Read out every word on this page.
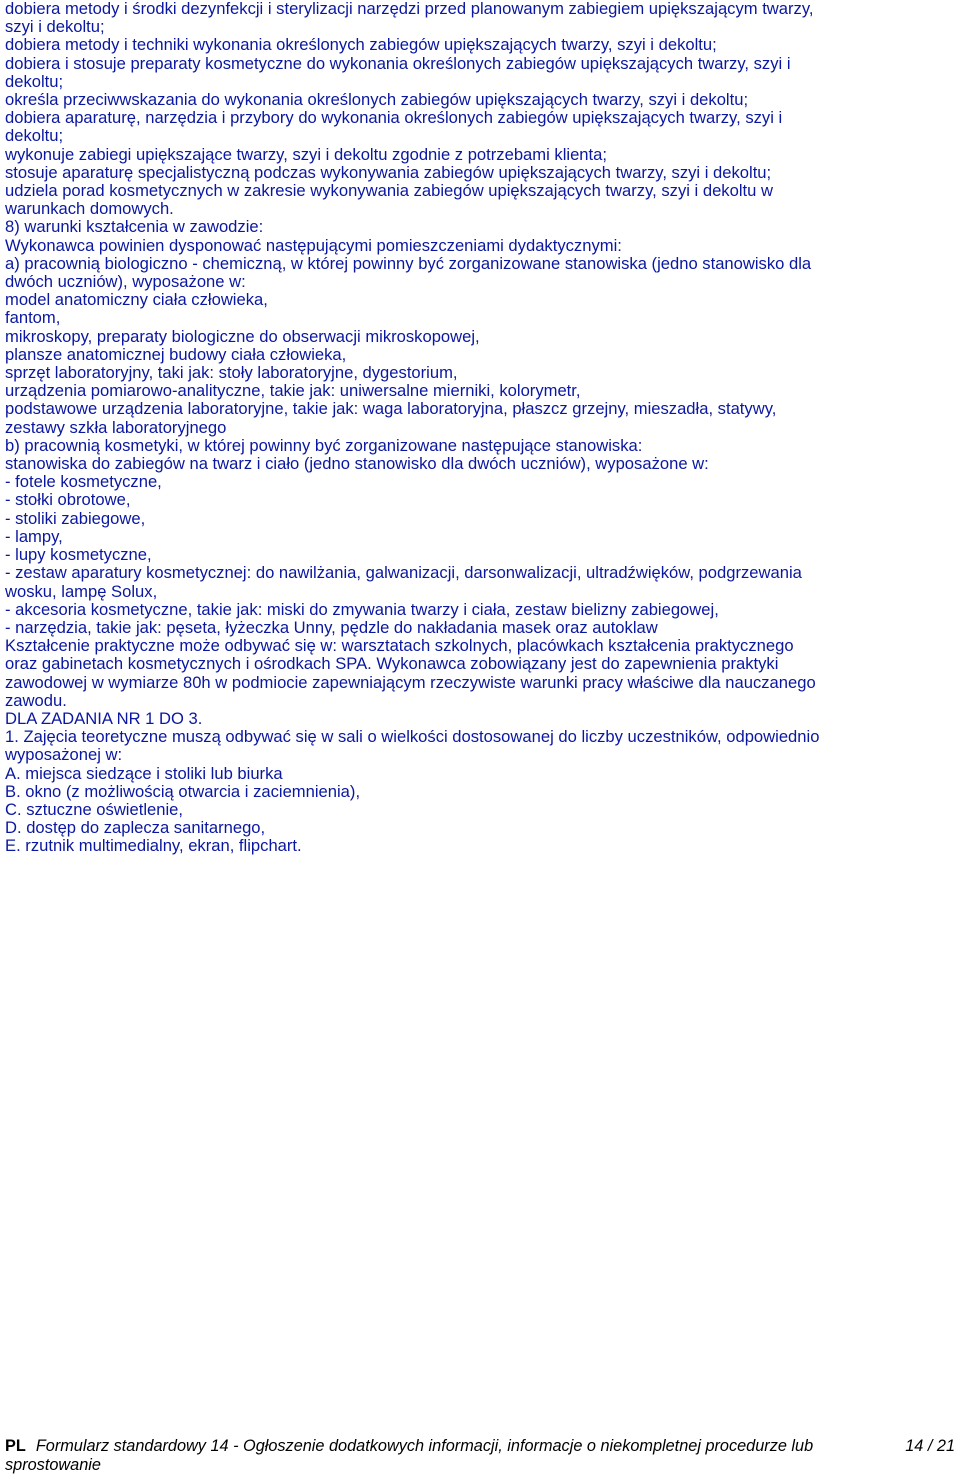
dobiera metody i środki dezynfekcji i sterylizacji narzędzi przed planowanym zabiegiem upiększającym twarzy,
szyi i dekoltu;
dobiera metody i techniki wykonania określonych zabiegów upiększających twarzy, szyi i dekoltu;
dobiera i stosuje preparaty kosmetyczne do wykonania określonych zabiegów upiększających twarzy, szyi i
dekoltu;
określa przeciwwskazania do wykonania określonych zabiegów upiększających twarzy, szyi i dekoltu;
dobiera aparaturę, narzędzia i przybory do wykonania określonych zabiegów upiększających twarzy, szyi i
dekoltu;
wykonuje zabiegi upiększające twarzy, szyi i dekoltu zgodnie z potrzebami klienta;
stosuje aparaturę specjalistyczną podczas wykonywania zabiegów upiększających twarzy, szyi i dekoltu;
udziela porad kosmetycznych w zakresie wykonywania zabiegów upiększających twarzy, szyi i dekoltu w
warunkach domowych.
8) warunki kształcenia w zawodzie:
Wykonawca powinien dysponować następującymi pomieszczeniami dydaktycznymi:
a) pracownią biologiczno - chemiczną, w której powinny być zorganizowane stanowiska (jedno stanowisko dla
dwóch uczniów), wyposażone w:
model anatomiczny ciała człowieka,
fantom,
mikroskopy, preparaty biologiczne do obserwacji mikroskopowej,
plansze anatomicznej budowy ciała człowieka,
sprzęt laboratoryjny, taki jak: stoły laboratoryjne, dygestorium,
urządzenia pomiarowo-analityczne, takie jak: uniwersalne mierniki, kolorymetr,
podstawowe urządzenia laboratoryjne, takie jak: waga laboratoryjna, płaszcz grzejny, mieszadła, statywy,
zestawy szkła laboratoryjnego
b) pracownią kosmetyki, w której powinny być zorganizowane następujące stanowiska:
stanowiska do zabiegów na twarz i ciało (jedno stanowisko dla dwóch uczniów), wyposażone w:
- fotele kosmetyczne,
- stołki obrotowe,
- stoliki zabiegowe,
- lampy,
- lupy kosmetyczne,
- zestaw aparatury kosmetycznej: do nawilżania, galwanizacji, darsonwalizacji, ultradźwięków, podgrzewania
wosku, lampę Solux,
- akcesoria kosmetyczne, takie jak: miski do zmywania twarzy i ciała, zestaw bielizny zabiegowej,
- narzędzia, takie jak: pęseta, łyżeczka Unny, pędzle do nakładania masek oraz autoklaw
Kształcenie praktyczne może odbywać się w: warsztatach szkolnych, placówkach kształcenia praktycznego
oraz gabinetach kosmetycznych i ośrodkach SPA. Wykonawca zobowiązany jest do zapewnienia praktyki
zawodowej w wymiarze 80h w podmiocie zapewniającym rzeczywiste warunki pracy właściwe dla nauczanego
zawodu.
DLA ZADANIA NR 1 DO 3.
1. Zajęcia teoretyczne muszą odbywać się w sali o wielkości dostosowanej do liczby uczestników, odpowiednio
wyposażonej w:
A. miejsca siedzące i stoliki lub biurka
B. okno (z możliwością otwarcia i zaciemnienia),
C. sztuczne oświetlenie,
D. dostęp do zaplecza sanitarnego,
E. rzutnik multimedialny, ekran, flipchart.
PL Formularz standardowy 14 - Ogłoszenie dodatkowych informacji, informacje o niekompletnej procedurze lub	14 / 21
sprostowanie
